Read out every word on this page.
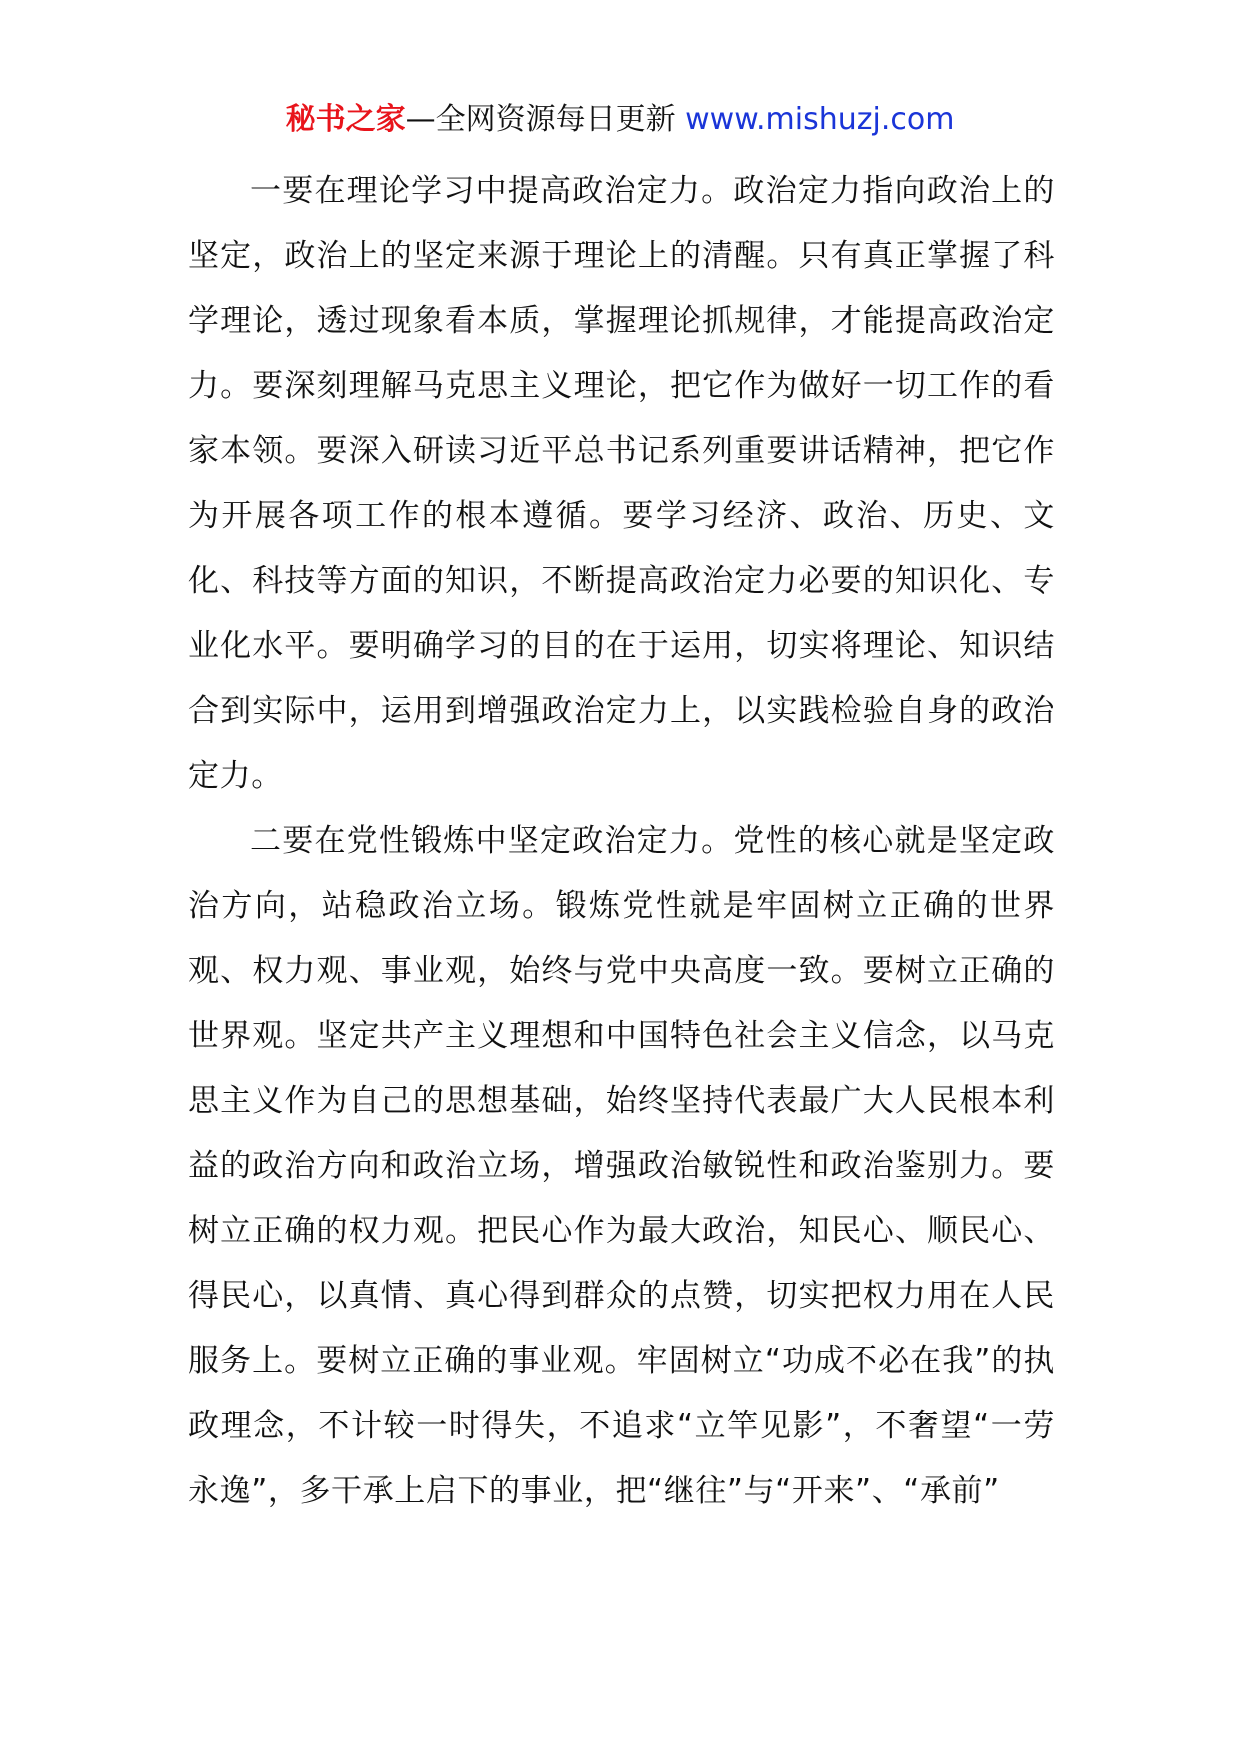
秘书之家—全网资源每日更新 www.mishuzj.com

一要在理论学习中提高政治定力。政治定力指向政治上的坚定，政治上的坚定来源于理论上的清醒。只有真正掌握了科学理论，透过现象看本质，掌握理论抓规律，才能提高政治定力。要深刻理解马克思主义理论，把它作为做好一切工作的看家本领。要深入研读习近平总书记系列重要讲话精神，把它作为开展各项工作的根本遵循。要学习经济、政治、历史、文化、科技等方面的知识，不断提高政治定力必要的知识化、专业化水平。要明确学习的目的在于运用，切实将理论、知识结合到实际中，运用到增强政治定力上，以实践检验自身的政治定力。

二要在党性锻炼中坚定政治定力。党性的核心就是坚定政治方向，站稳政治立场。锻炼党性就是牢固树立正确的世界观、权力观、事业观，始终与党中央高度一致。要树立正确的世界观。坚定共产主义理想和中国特色社会主义信念，以马克思主义作为自己的思想基础，始终坚持代表最广大人民根本利益的政治方向和政治立场，增强政治敏锐性和政治鉴别力。要树立正确的权力观。把民心作为最大政治，知民心、顺民心、得民心，以真情、真心得到群众的点赞，切实把权力用在人民服务上。要树立正确的事业观。牢固树立“功成不必在我”的执政理念，不计较一时得失，不追求“立竿见影”，不奢望“一劳永逸”，多干承上启下的事业，把“继往”与“开来”、“承前”
